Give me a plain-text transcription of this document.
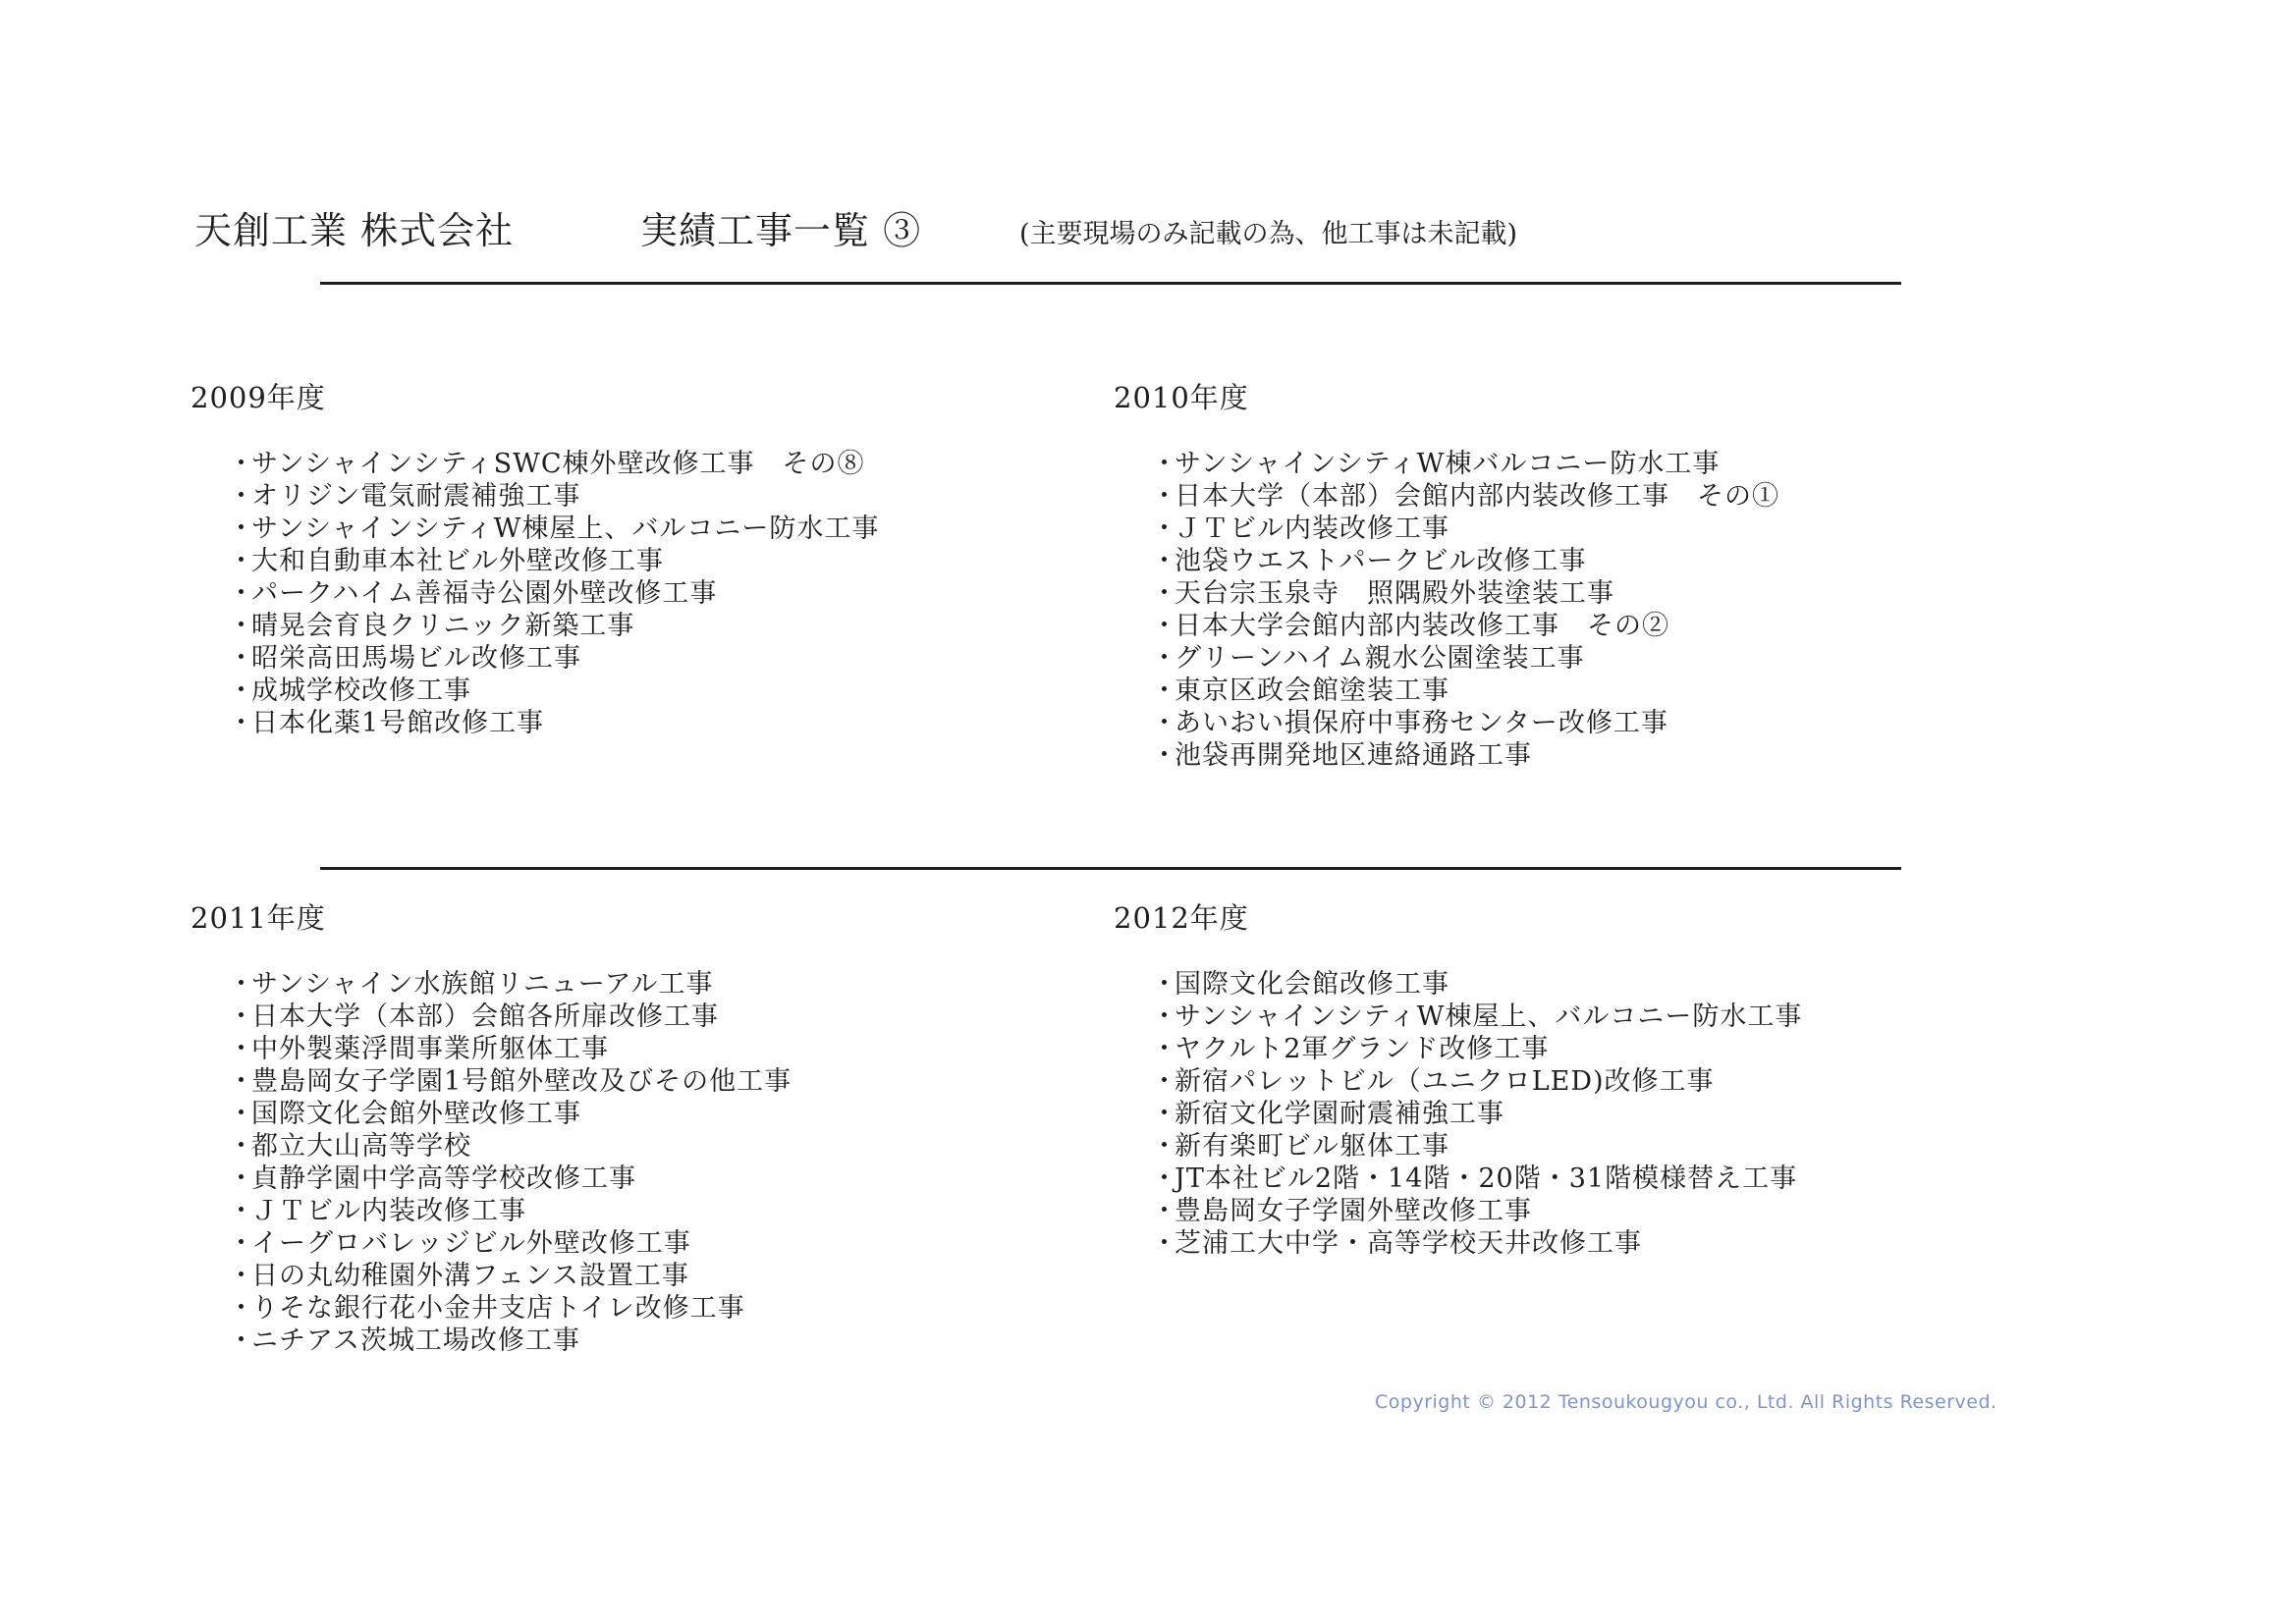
天創工業 株式会社	実績工事一覧 ③	(主要現場のみ記載の為、他工事は未記載)
2009年度
・ サンシャインシティSWC棟外壁改修工事　その⑧
・ オリジン電気耐震補強工事
・ サンシャインシティW棟屋上、バルコニー防水工事
・ 大和自動車本社ビル外壁改修工事
・ パークハイム善福寺公園外壁改修工事
・ 晴晃会育良クリニック新築工事
・ 昭栄高田馬場ビル改修工事
・ 成城学校改修工事
・ 日本化薬1号館改修工事
2010年度
・ サンシャインシティW棟バルコニー防水工事
・ 日本大学（本部）会館内部内装改修工事　その①
・ ＪＴビル内装改修工事
・ 池袋ウエストパークビル改修工事
・ 天台宗玉泉寺　照隅殿外装塗装工事
・ 日本大学会館内部内装改修工事　その②
・ グリーンハイム親水公園塗装工事
・ 東京区政会館塗装工事
・ あいおい損保府中事務センター改修工事
・ 池袋再開発地区連絡通路工事
2011年度
・ サンシャイン水族館リニューアル工事
・ 日本大学（本部）会館各所扉改修工事
・ 中外製薬浮間事業所躯体工事
・ 豊島岡女子学園1号館外壁改及びその他工事
・ 国際文化会館外壁改修工事
・ 都立大山高等学校
・ 貞静学園中学高等学校改修工事
・ ＪＴビル内装改修工事
・ イーグロバレッジビル外壁改修工事
・ 日の丸幼稚園外溝フェンス設置工事
・ りそな銀行花小金井支店トイレ改修工事
・ ニチアス茨城工場改修工事
2012年度
・ 国際文化会館改修工事
・ サンシャインシティW棟屋上、バルコニー防水工事
・ ヤクルト2軍グランド改修工事
・ 新宿パレットビル（ユニクロLED)改修工事
・ 新宿文化学園耐震補強工事
・ 新有楽町ビル躯体工事
・ JT本社ビル2階・14階・20階・31階模様替え工事
・ 豊島岡女子学園外壁改修工事
・ 芝浦工大中学・高等学校天井改修工事
Copyright © 2012 Tensoukougyou co., Ltd. All Rights Reserved.
